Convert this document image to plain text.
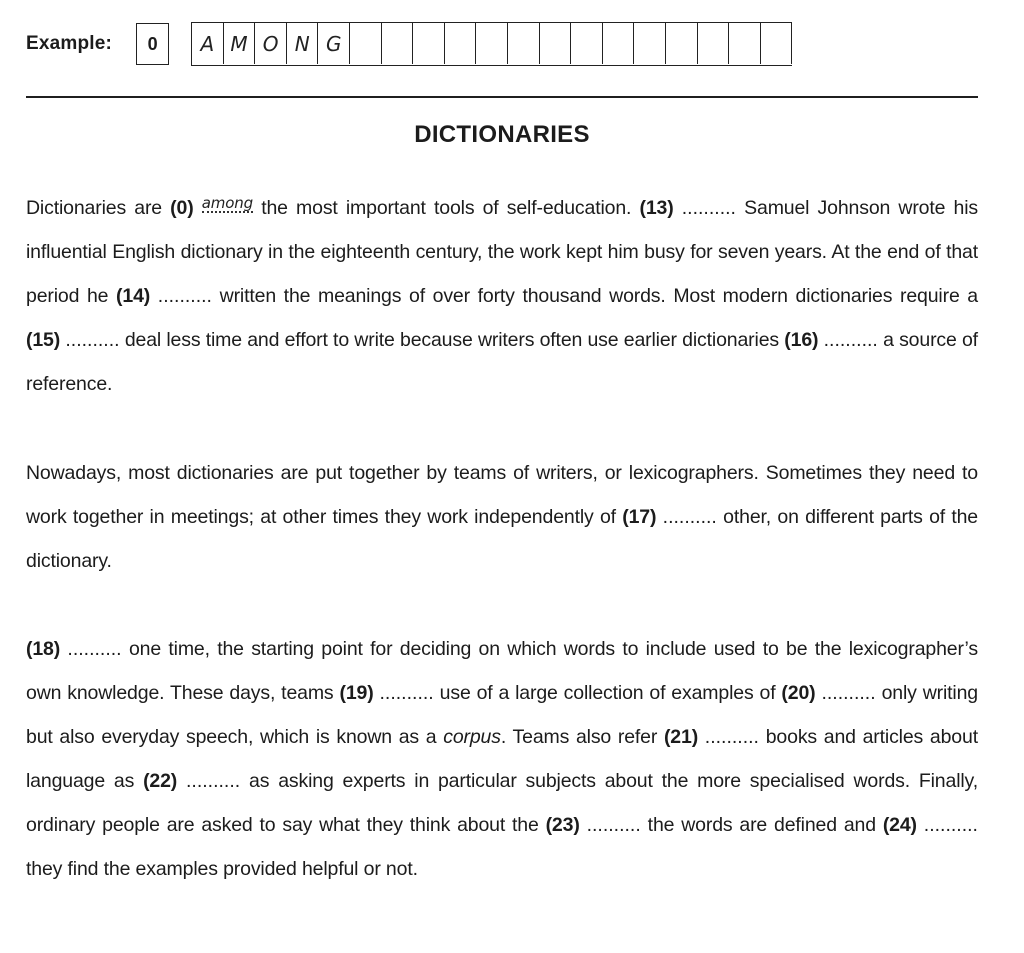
Example: 0	A M O N G
DICTIONARIES

Dictionaries are (0) among the most important tools of self-education. (13) .......... Samuel Johnson wrote his influential English dictionary in the eighteenth century, the work kept him busy for seven years. At the end of that period he (14) .......... written the meanings of over forty thousand words. Most modern dictionaries require a (15) .......... deal less time and effort to write because writers often use earlier dictionaries (16) .......... a source of reference.

Nowadays, most dictionaries are put together by teams of writers, or lexicographers. Sometimes they need to work together in meetings; at other times they work independently of (17) .......... other, on different parts of the dictionary.

(18) .......... one time, the starting point for deciding on which words to include used to be the lexicographer’s own knowledge. These days, teams (19) .......... use of a large collection of examples of (20) .......... only writing but also everyday speech, which is known as a corpus. Teams also refer (21) .......... books and articles about language as (22) .......... as asking experts in particular subjects about the more specialised words. Finally, ordinary people are asked to say what they think about the (23) .......... the words are defined and (24) .......... they find the examples provided helpful or not.
